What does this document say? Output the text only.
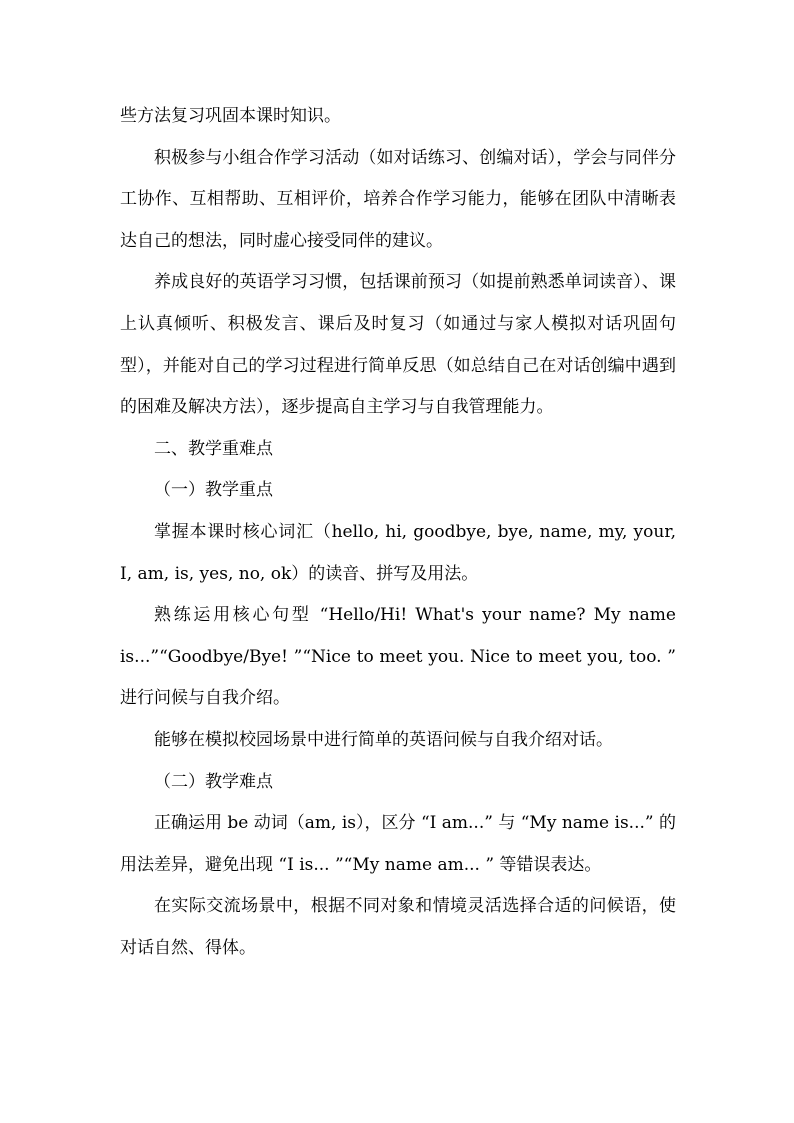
些方法复习巩固本课时知识。

积极参与小组合作学习活动（如对话练习、创编对话），学会与同伴分工协作、互相帮助、互相评价，培养合作学习能力，能够在团队中清晰表达自己的想法，同时虚心接受同伴的建议。

养成良好的英语学习习惯，包括课前预习（如提前熟悉单词读音）、课上认真倾听、积极发言、课后及时复习（如通过与家人模拟对话巩固句型），并能对自己的学习过程进行简单反思（如总结自己在对话创编中遇到的困难及解决方法），逐步提高自主学习与自我管理能力。

二、教学重难点

（一）教学重点

掌握本课时核心词汇（hello, hi, goodbye, bye, name, my, your, I, am, is, yes, no, ok）的读音、拼写及用法。

熟练运用核心句型 “Hello/Hi! What's your name? My name is...”“Goodbye/Bye! ”“Nice to meet you. Nice to meet you, too. ” 进行问候与自我介绍。

能够在模拟校园场景中进行简单的英语问候与自我介绍对话。

（二）教学难点

正确运用 be 动词（am, is），区分 “I am...” 与 “My name is...” 的用法差异，避免出现 “I is... ”“My name am... ” 等错误表达。

在实际交流场景中，根据不同对象和情境灵活选择合适的问候语，使对话自然、得体。
